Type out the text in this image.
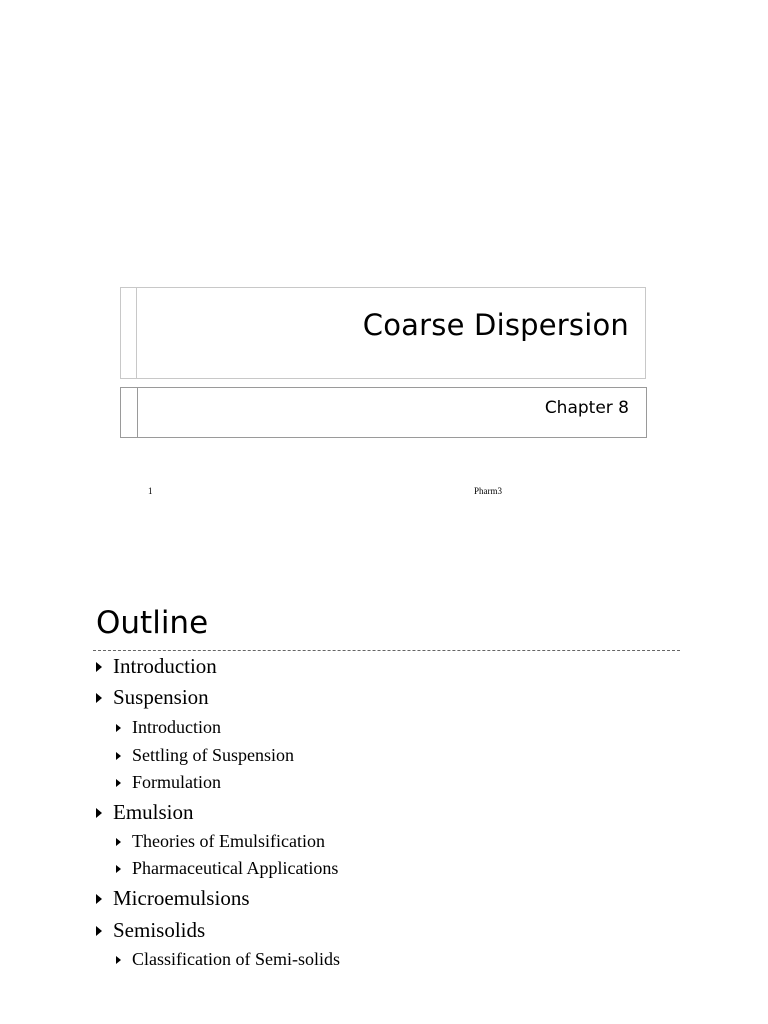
Coarse Dispersion
Chapter 8
1	Pharm3
Outline
Introduction
Suspension
Introduction
Settling of Suspension
Formulation
Emulsion
Theories of Emulsification
Pharmaceutical Applications
Microemulsions
Semisolids
Classification of Semi-solids
